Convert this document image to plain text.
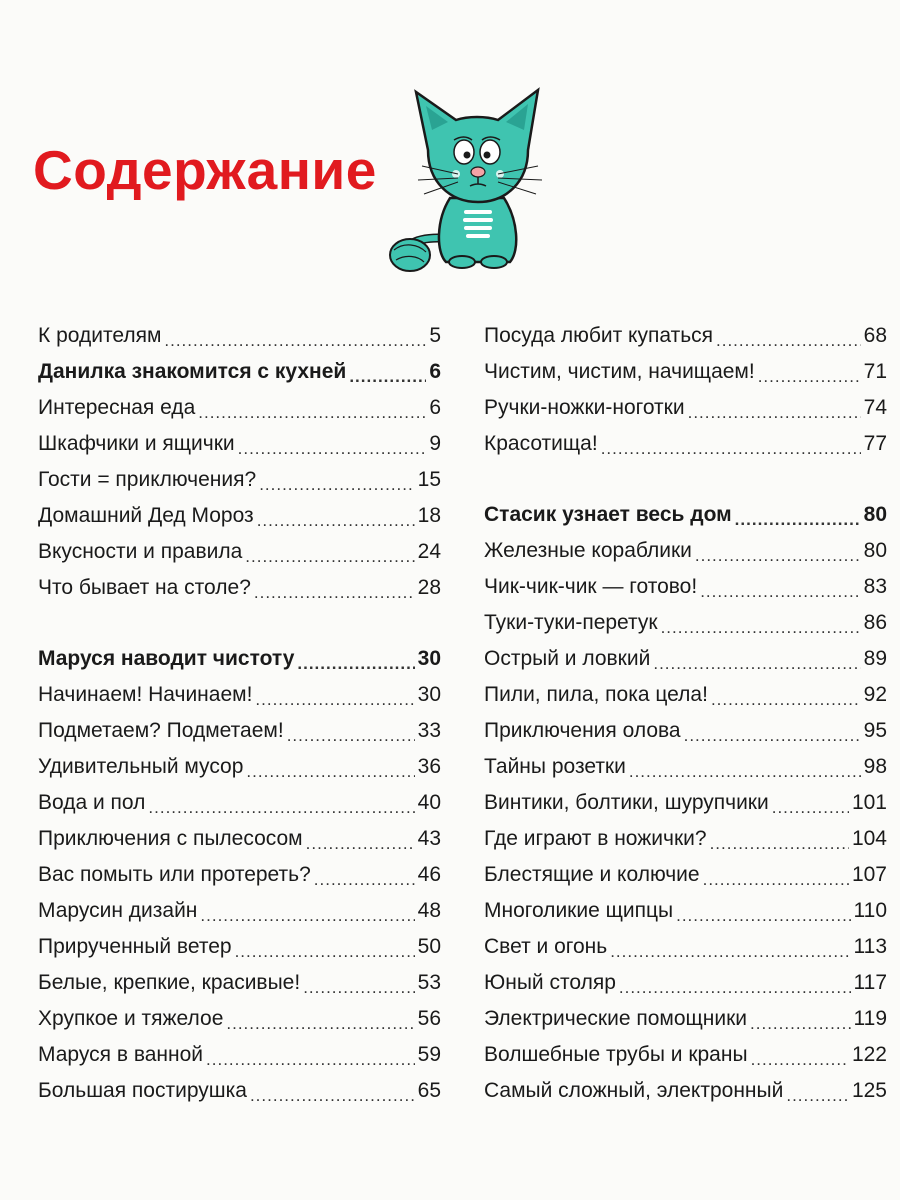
Содержание
К родителям .....	5
Данилка знакомится с кухней .....	6
Интересная еда .....	6
Шкафчики и ящички .....	9
Гости = приключения? .....	15
Домашний Дед Мороз .....	18
Вкусности и правила .....	24
Что бывает на столе? .....	28
Маруся наводит чистоту .....	30
Начинаем! Начинаем! .....	30
Подметаем? Подметаем! .....	33
Удивительный мусор .....	36
Вода и пол .....	40
Приключения с пылесосом .....	43
Вас помыть или протереть? .....	46
Марусин дизайн .....	48
Прирученный ветер .....	50
Белые, крепкие, красивые! .....	53
Хрупкое и тяжелое .....	56
Маруся в ванной .....	59
Большая постирушка .....	65
Посуда любит купаться .....	68
Чистим, чистим, начищаем! .....	71
Ручки-ножки-ноготки .....	74
Красотища! .....	77
Стасик узнает весь дом .....	80
Железные кораблики .....	80
Чик-чик-чик — готово! .....	83
Туки-туки-перетук .....	86
Острый и ловкий .....	89
Пили, пила, пока цела! .....	92
Приключения олова .....	95
Тайны розетки .....	98
Винтики, болтики, шурупчики .....	101
Где играют в ножички? .....	104
Блестящие и колючие .....	107
Многоликие щипцы .....	110
Свет и огонь .....	113
Юный столяр .....	117
Электрические помощники .....	119
Волшебные трубы и краны .....	122
Самый сложный, электронный .....	125
